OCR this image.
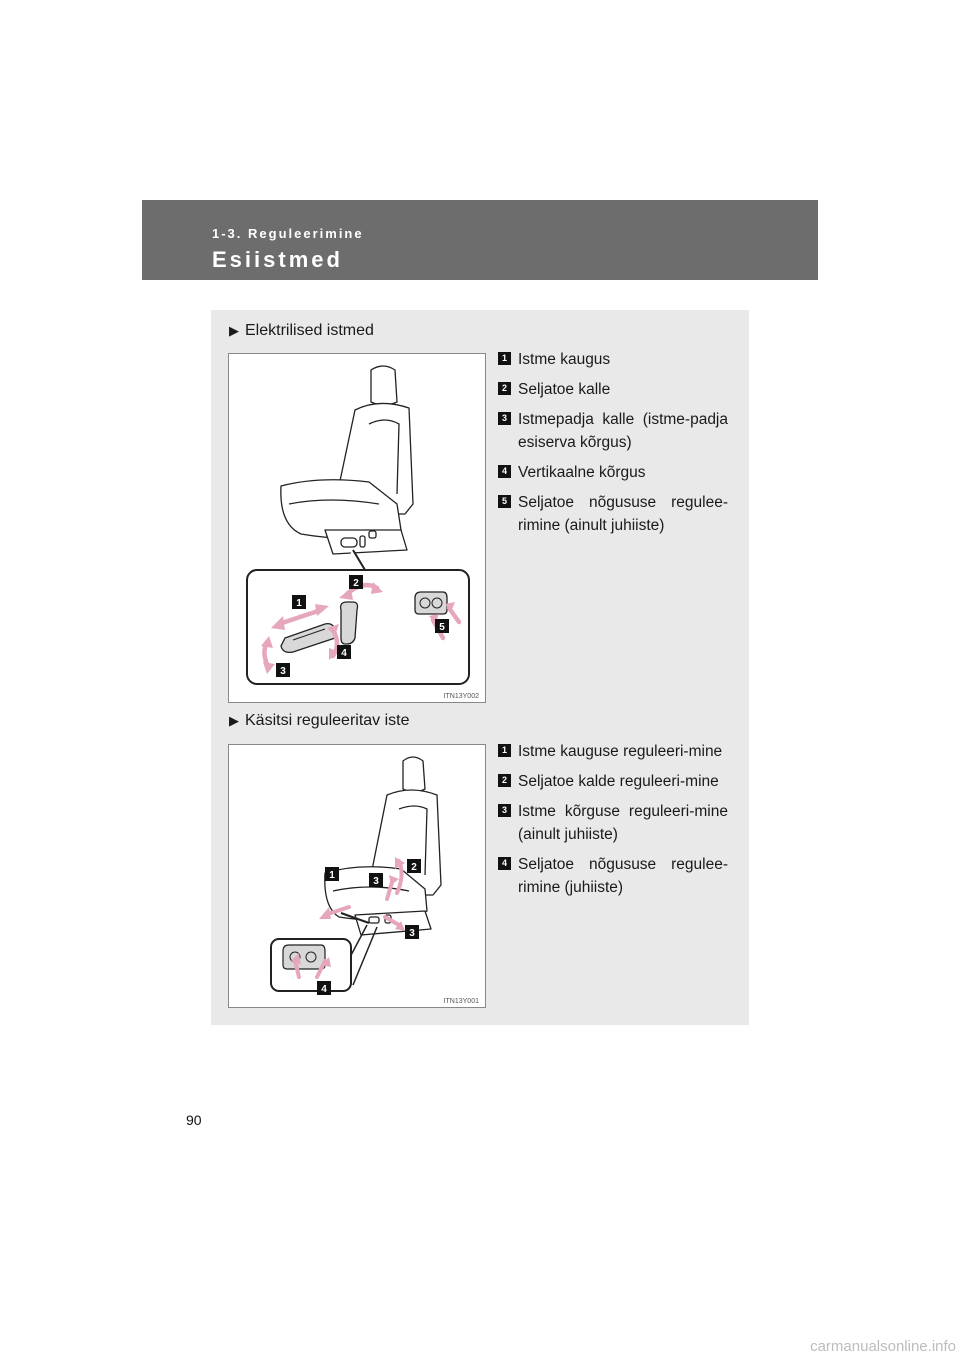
1-3. Reguleerimine
Esiistmed
▶ Elektrilised istmed
1
2
3
4
5
ITN13Y002
1 Istme kaugus
2 Seljatoe kalle
3 Istmepadja kalle (istme-padja esiserva kõrgus)
4 Vertikaalne kõrgus
5 Seljatoe nõgususe regulee-rimine (ainult juhiiste)
▶ Käsitsi reguleeritav iste
1
2
3
3
4
ITN13Y001
1 Istme kauguse reguleeri-mine
2 Seljatoe kalde reguleeri-mine
3 Istme kõrguse reguleeri-mine (ainult juhiiste)
4 Seljatoe nõgususe regulee-rimine (juhiiste)
90
carmanualsonline.info
